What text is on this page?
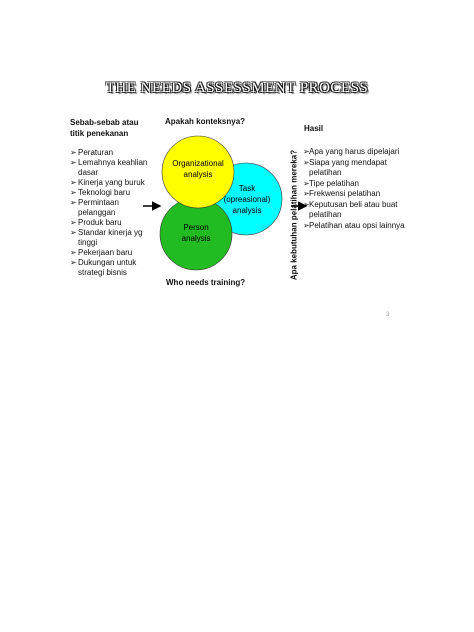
THE NEEDS ASSESSMENT PROCESS
Sebab-sebab atau
titik penekanan
➢ Peraturan
➢ Lemahnya keahlian
dasar
➢ Kinerja yang buruk
➢ Teknologi baru
➢ Permintaan
pelanggan
➢ Produk baru
➢ Standar kinerja yg
tinggi
➢ Pekerjaan baru
➢ Dukungan untuk
strategi bisnis
Apakah konteksnya?
Who needs training?
Organizational
analysis
Task
(opreasional)
analysis
Person
analysis	Apa kebutuhan pelatihan mereka?
Hasil
➢ Apa yang harus dipelajari
➢ Siapa yang mendapat
pelatihan
➢ Tipe pelatihan
➢ Frekwensi pelatihan
➢ Keputusan beli atau buat
pelatihan
➢ Pelatihan atau opsi lainnya
3
